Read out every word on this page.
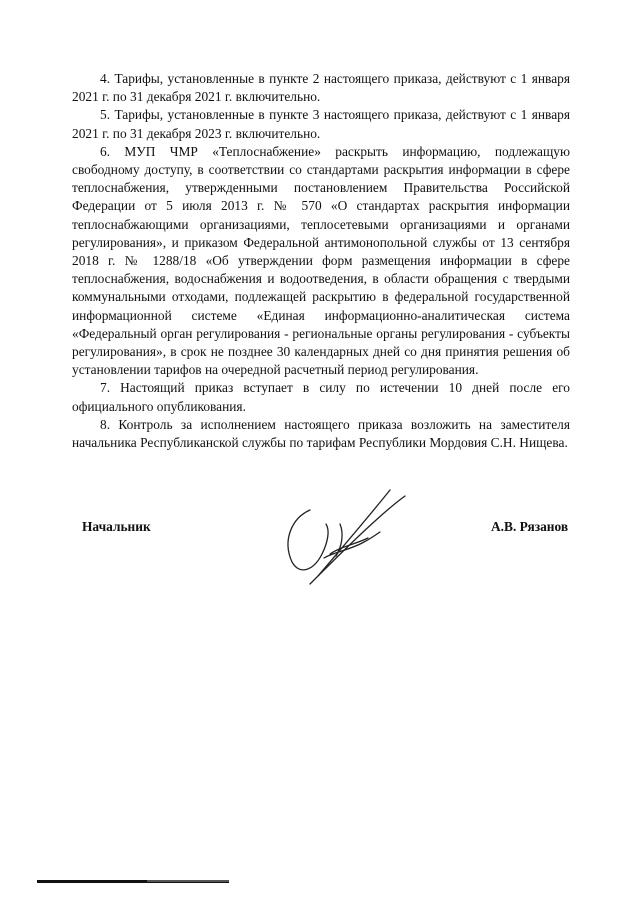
4. Тарифы, установленные в пункте 2 настоящего приказа, действуют с 1 января 2021 г. по 31 декабря 2021 г. включительно.

5. Тарифы, установленные в пункте 3 настоящего приказа, действуют с 1 января 2021 г. по 31 декабря 2023 г. включительно.

6. МУП ЧМР «Теплоснабжение» раскрыть информацию, подлежащую свободному доступу, в соответствии со стандартами раскрытия информации в сфере теплоснабжения, утвержденными постановлением Правительства Российской Федерации от 5 июля 2013 г. № 570 «О стандартах раскрытия информации теплоснабжающими организациями, теплосетевыми организациями и органами регулирования», и приказом Федеральной антимонопольной службы от 13 сентября 2018 г. № 1288/18 «Об утверждении форм размещения информации в сфере теплоснабжения, водоснабжения и водоотведения, в области обращения с твердыми коммунальными отходами, подлежащей раскрытию в федеральной государственной информационной системе «Единая информационно-аналитическая система «Федеральный орган регулирования - региональные органы регулирования - субъекты регулирования», в срок не позднее 30 календарных дней со дня принятия решения об установлении тарифов на очередной расчетный период регулирования.

7. Настоящий приказ вступает в силу по истечении 10 дней после его официального опубликования.

8. Контроль за исполнением настоящего приказа возложить на заместителя начальника Республиканской службы по тарифам Республики Мордовия С.Н. Нищева.

Начальник	А.В. Рязанов
